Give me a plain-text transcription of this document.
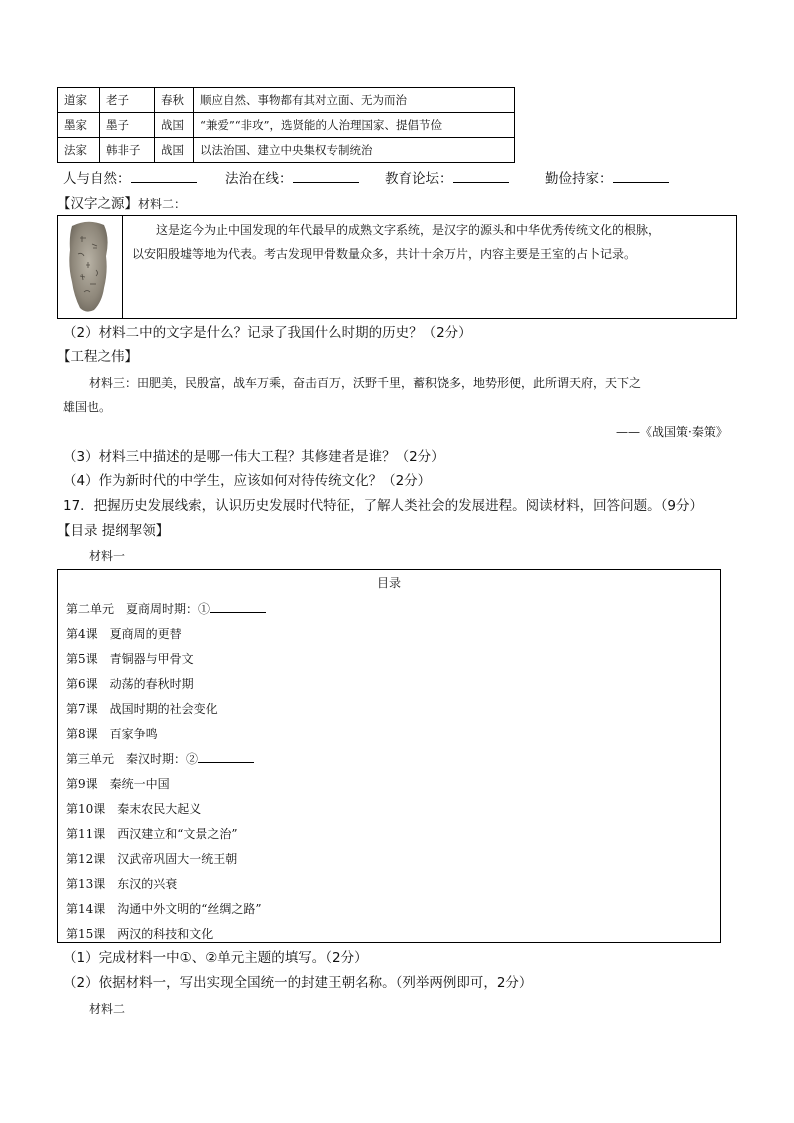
道家	老子	春秋	顺应自然、事物都有其对立面、无为而治
墨家	墨子	战国	“兼爱”“非攻”，选贤能的人治理国家、提倡节俭
法家	韩非子	战国	以法治国、建立中央集权专制统治
人与自然：	法治在线：	教育论坛：	勤俭持家：
【汉字之源】材料二：
这是迄今为止中国发现的年代最早的成熟文字系统，是汉字的源头和中华优秀传统文化的根脉，
以安阳殷墟等地为代表。考古发现甲骨数量众多，共计十余万片，内容主要是王室的占卜记录。
（2）材料二中的文字是什么？记录了我国什么时期的历史？（2分）
【工程之伟】
材料三：田肥美，民殷富，战车万乘，奋击百万，沃野千里，蓄积饶多，地势形便，此所谓天府，天下之
雄国也。
——《战国策·秦策》
（3）材料三中描述的是哪一伟大工程？其修建者是谁？（2分）
（4）作为新时代的中学生，应该如何对待传统文化？（2分）
17．把握历史发展线索，认识历史发展时代特征，了解人类社会的发展进程。阅读材料，回答问题。（9分）
【目录 提纲挈领】
材料一
目录
第二单元　夏商周时期：①
第4课　夏商周的更替
第5课　青铜器与甲骨文
第6课　动荡的春秋时期
第7课　战国时期的社会变化
第8课　百家争鸣
第三单元　秦汉时期：②
第9课　秦统一中国
第10课　秦末农民大起义
第11课　西汉建立和“文景之治”
第12课　汉武帝巩固大一统王朝
第13课　东汉的兴衰
第14课　沟通中外文明的“丝绸之路”
第15课　两汉的科技和文化
（1）完成材料一中①、②单元主题的填写。（2分）
（2）依据材料一，写出实现全国统一的封建王朝名称。（列举两例即可，2分）
材料二
